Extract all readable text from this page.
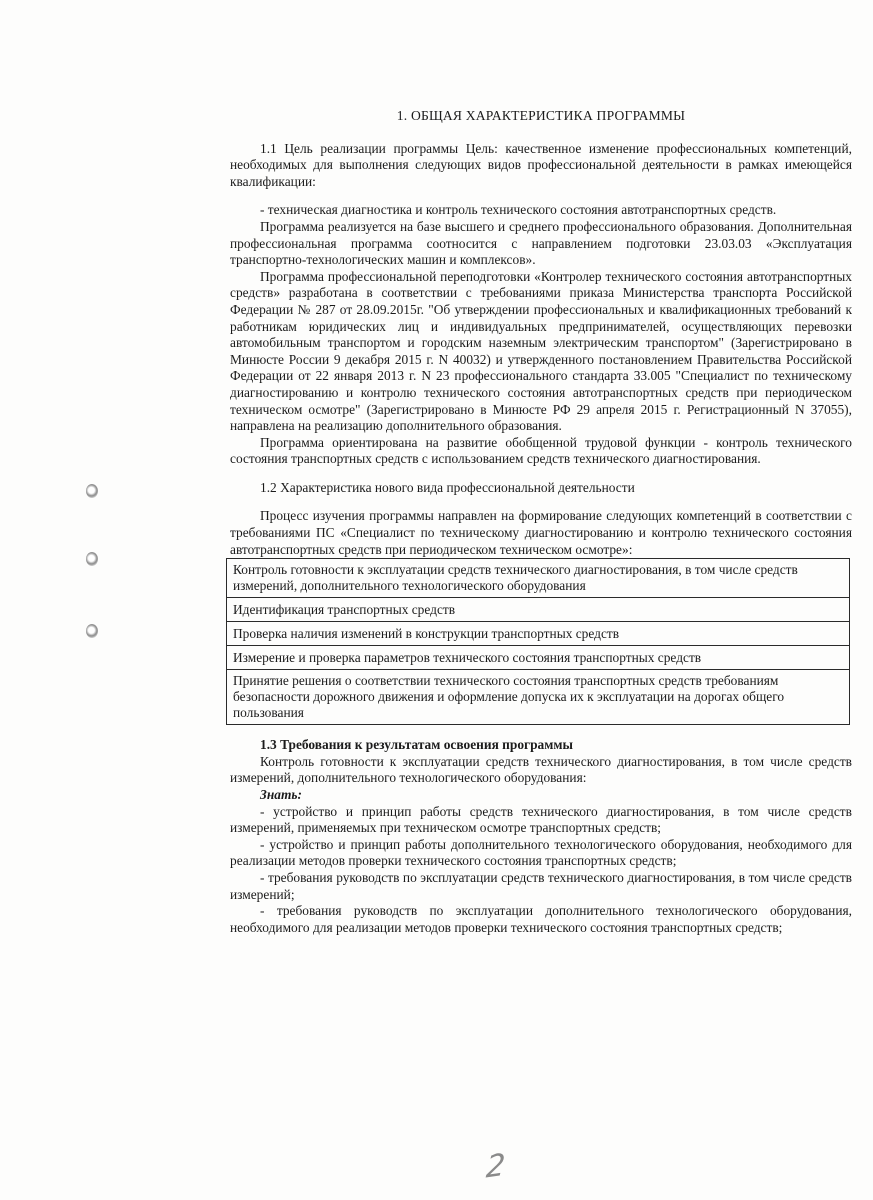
1. ОБЩАЯ ХАРАКТЕРИСТИКА ПРОГРАММЫ

1.1 Цель реализации программы Цель: качественное изменение профессиональных компетенций, необходимых для выполнения следующих видов профессиональной деятельности в рамках имеющейся квалификации:

- техническая диагностика и контроль технического состояния автотранспортных средств.

Программа реализуется на базе высшего и среднего профессионального образования. Дополнительная профессиональная программа соотносится с направлением подготовки 23.03.03 «Эксплуатация транспортно-технологических машин и комплексов».

Программа профессиональной переподготовки «Контролер технического состояния автотранспортных средств» разработана в соответствии с требованиями приказа Министерства транспорта Российской Федерации № 287 от 28.09.2015г. "Об утверждении профессиональных и квалификационных требований к работникам юридических лиц и индивидуальных предпринимателей, осуществляющих перевозки автомобильным транспортом и городским наземным электрическим транспортом" (Зарегистрировано в Минюсте России 9 декабря 2015 г. N 40032) и утвержденного постановлением Правительства Российской Федерации от 22 января 2013 г. N 23 профессионального стандарта 33.005 "Специалист по техническому диагностированию и контролю технического состояния автотранспортных средств при периодическом техническом осмотре" (Зарегистрировано в Минюсте РФ 29 апреля 2015 г. Регистрационный N 37055), направлена на реализацию дополнительного образования.

Программа ориентирована на развитие обобщенной трудовой функции - контроль технического состояния транспортных средств с использованием средств технического диагностирования.

1.2 Характеристика нового вида профессиональной деятельности

Процесс изучения программы направлен на формирование следующих компетенций в соответствии с требованиями ПС «Специалист по техническому диагностированию и контролю технического состояния автотранспортных средств при периодическом техническом осмотре»:

Контроль готовности к эксплуатации средств технического диагностирования, в том числе средств измерений, дополнительного технологического оборудования
Идентификация транспортных средств
Проверка наличия изменений в конструкции транспортных средств
Измерение и проверка параметров технического состояния транспортных средств
Принятие решения о соответствии технического состояния транспортных средств требованиям безопасности дорожного движения и оформление допуска их к эксплуатации на дорогах общего пользования

1.3 Требования к результатам освоения программы

Контроль готовности к эксплуатации средств технического диагностирования, в том числе средств измерений, дополнительного технологического оборудования:

Знать:

- устройство и принцип работы средств технического диагностирования, в том числе средств измерений, применяемых при техническом осмотре транспортных средств;

- устройство и принцип работы дополнительного технологического оборудования, необходимого для реализации методов проверки технического состояния транспортных средств;

- требования руководств по эксплуатации средств технического диагностирования, в том числе средств измерений;

- требования руководств по эксплуатации дополнительного технологического оборудования, необходимого для реализации методов проверки технического состояния транспортных средств;

2
